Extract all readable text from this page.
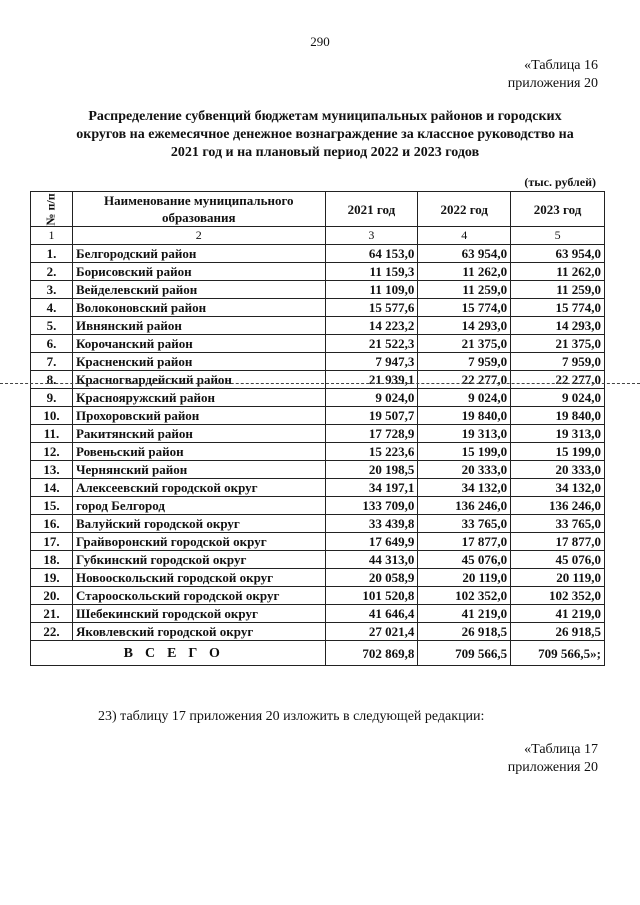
290
«Таблица 16
приложения 20
Распределение субвенций бюджетам муниципальных районов и городских
округов на ежемесячное денежное вознаграждение за классное руководство на
2021 год и на плановый период 2022 и 2023 годов
(тыс. рублей)
№ п/п	Наименование муниципального образования	2021 год	2022 год	2023 год
1	2	3	4	5
1.	Белгородский район	64 153,0	63 954,0	63 954,0
2.	Борисовский район	11 159,3	11 262,0	11 262,0
3.	Вейделевский район	11 109,0	11 259,0	11 259,0
4.	Волоконовский район	15 577,6	15 774,0	15 774,0
5.	Ивнянский район	14 223,2	14 293,0	14 293,0
6.	Корочанский район	21 522,3	21 375,0	21 375,0
7.	Красненский район	7 947,3	7 959,0	7 959,0
8.	Красногвардейский район	21 939,1	22 277,0	22 277,0
9.	Краснояружский район	9 024,0	9 024,0	9 024,0
10.	Прохоровский район	19 507,7	19 840,0	19 840,0
11.	Ракитянский район	17 728,9	19 313,0	19 313,0
12.	Ровеньский район	15 223,6	15 199,0	15 199,0
13.	Чернянский район	20 198,5	20 333,0	20 333,0
14.	Алексеевский городской округ	34 197,1	34 132,0	34 132,0
15.	город Белгород	133 709,0	136 246,0	136 246,0
16.	Валуйский городской округ	33 439,8	33 765,0	33 765,0
17.	Грайворонский городской округ	17 649,9	17 877,0	17 877,0
18.	Губкинский городской округ	44 313,0	45 076,0	45 076,0
19.	Новооскольский городской округ	20 058,9	20 119,0	20 119,0
20.	Старооскольский городской округ	101 520,8	102 352,0	102 352,0
21.	Шебекинский городской округ	41 646,4	41 219,0	41 219,0
22.	Яковлевский городской округ	27 021,4	26 918,5	26 918,5
ВСЕГО		702 869,8	709 566,5	709 566,5»;
23) таблицу 17 приложения 20 изложить в следующей редакции:
«Таблица 17
приложения 20
